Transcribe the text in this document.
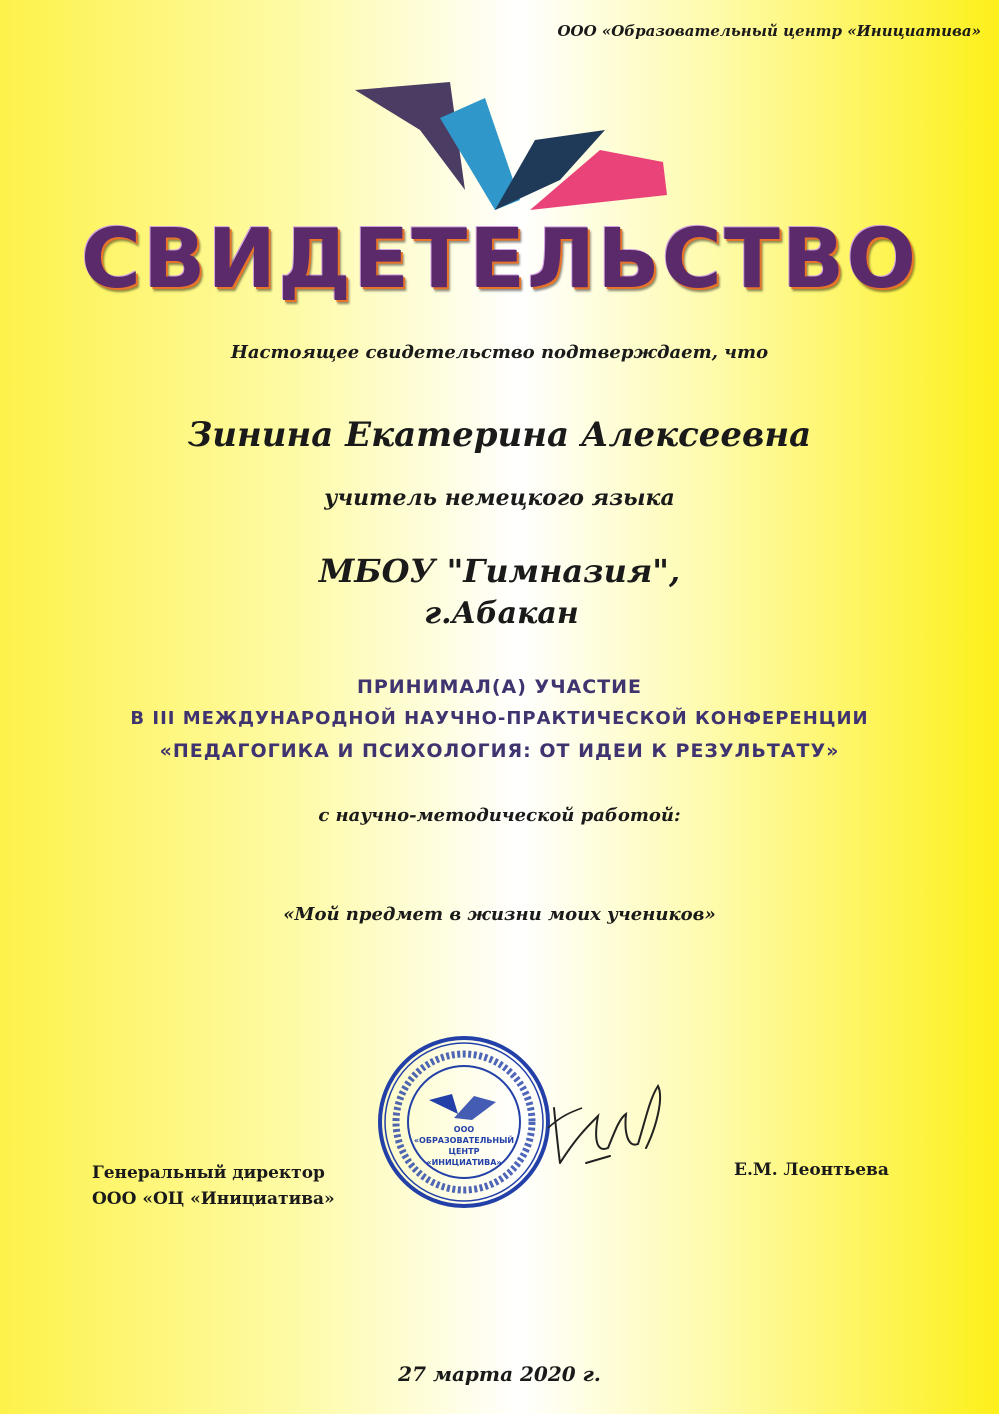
ООО «Образовательный центр «Инициатива»
СВИДЕТЕЛЬСТВО
Настоящее свидетельство подтверждает, что
Зинина Екатерина Алексеевна
учитель немецкого языка
МБОУ "Гимназия",
г.Абакан
ПРИНИМАЛ(А) УЧАСТИЕ
В III МЕЖДУНАРОДНОЙ НАУЧНО-ПРАКТИЧЕСКОЙ КОНФЕРЕНЦИИ
«ПЕДАГОГИКА И ПСИХОЛОГИЯ: ОТ ИДЕИ К РЕЗУЛЬТАТУ»
с научно-методической работой:
«Мой предмет в жизни моих учеников»
Генеральный директор
ООО «ОЦ «Инициатива»
Е.М. Леонтьева
ООО
«ОБРАЗОВАТЕЛЬНЫЙ
ЦЕНТР
«ИНИЦИАТИВА»
27 марта 2020 г.
